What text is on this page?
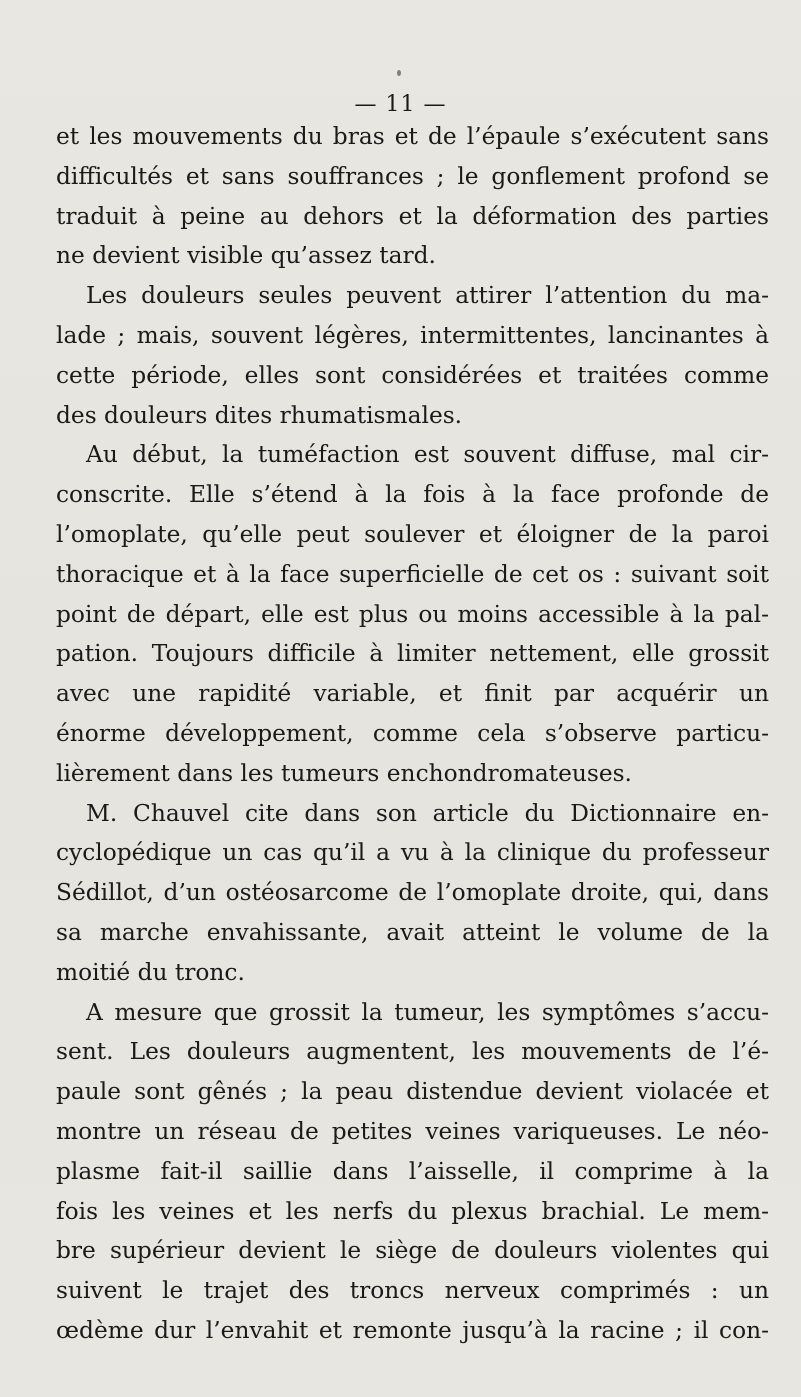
— 11 —
et les mouvements du bras et de l’épaule s’exécutent sans
difficultés et sans souffrances ; le gonflement profond se
traduit à peine au dehors et la déformation des parties
ne devient visible qu’assez tard.
Les douleurs seules peuvent attirer l’attention du ma-
lade ; mais, souvent légères, intermittentes, lancinantes à
cette période, elles sont considérées et traitées comme
des douleurs dites rhumatismales.
Au début, la tuméfaction est souvent diffuse, mal cir-
conscrite. Elle s’étend à la fois à la face profonde de
l’omoplate, qu’elle peut soulever et éloigner de la paroi
thoracique et à la face superficielle de cet os : suivant soit
point de départ, elle est plus ou moins accessible à la pal-
pation. Toujours difficile à limiter nettement, elle grossit
avec une rapidité variable, et finit par acquérir un
énorme développement, comme cela s’observe particu-
lièrement dans les tumeurs enchondromateuses.
M. Chauvel cite dans son article du Dictionnaire en-
cyclopédique un cas qu’il a vu à la clinique du professeur
Sédillot, d’un ostéosarcome de l’omoplate droite, qui, dans
sa marche envahissante, avait atteint le volume de la
moitié du tronc.
A mesure que grossit la tumeur, les symptômes s’accu-
sent. Les douleurs augmentent, les mouvements de l’é-
paule sont gênés ; la peau distendue devient violacée et
montre un réseau de petites veines variqueuses. Le néo-
plasme fait-il saillie dans l’aisselle, il comprime à la
fois les veines et les nerfs du plexus brachial. Le mem-
bre supérieur devient le siège de douleurs violentes qui
suivent le trajet des troncs nerveux comprimés : un
œdème dur l’envahit et remonte jusqu’à la racine ; il con-
